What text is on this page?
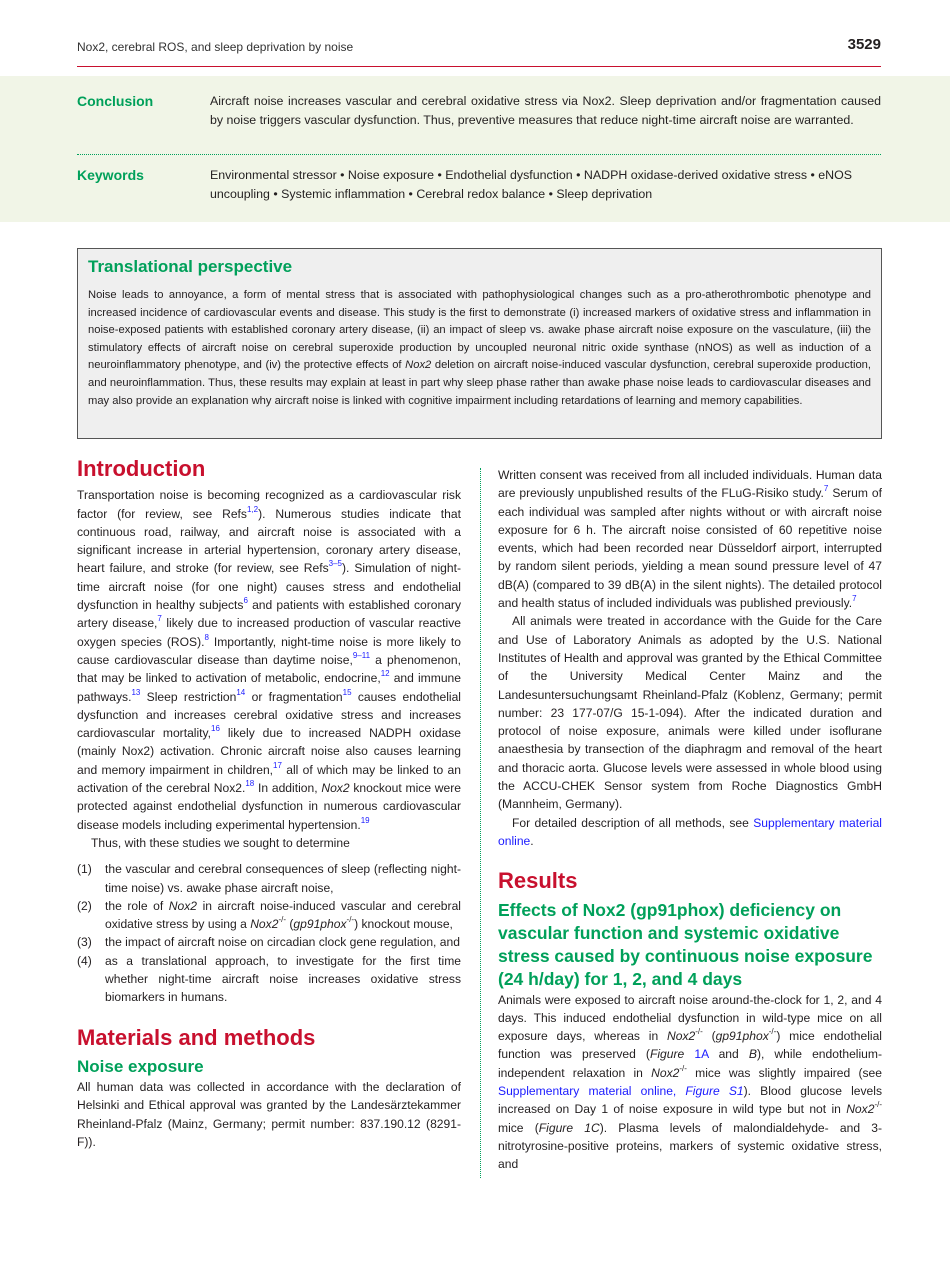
Nox2, cerebral ROS, and sleep deprivation by noise	3529
Conclusion	Aircraft noise increases vascular and cerebral oxidative stress via Nox2. Sleep deprivation and/or fragmentation caused by noise triggers vascular dysfunction. Thus, preventive measures that reduce night-time aircraft noise are warranted.
Keywords	Environmental stressor • Noise exposure • Endothelial dysfunction • NADPH oxidase-derived oxidative stress • eNOS uncoupling • Systemic inflammation • Cerebral redox balance • Sleep deprivation
Translational perspective

Noise leads to annoyance, a form of mental stress that is associated with pathophysiological changes such as a pro-atherothrombotic phenotype and increased incidence of cardiovascular events and disease. This study is the first to demonstrate (i) increased markers of oxidative stress and inflammation in noise-exposed patients with established coronary artery disease, (ii) an impact of sleep vs. awake phase aircraft noise exposure on the vasculature, (iii) the stimulatory effects of aircraft noise on cerebral superoxide production by uncoupled neuronal nitric oxide synthase (nNOS) as well as induction of a neuroinflammatory phenotype, and (iv) the protective effects of Nox2 deletion on aircraft noise-induced vascular dysfunction, cerebral superoxide production, and neuroinflammation. Thus, these results may explain at least in part why sleep phase rather than awake phase noise leads to cardiovascular diseases and may also provide an explanation why aircraft noise is linked with cognitive impairment including retardations of learning and memory capabilities.

Introduction

Transportation noise is becoming recognized as a cardiovascular risk factor (for review, see Refs$^{1,2}$). Numerous studies indicate that continuous road, railway, and aircraft noise is associated with a significant increase in arterial hypertension, coronary artery disease, heart failure, and stroke (for review, see Refs$^{3-5}$). Simulation of night-time aircraft noise (for one night) causes stress and endothelial dysfunction in healthy subjects$^6$ and patients with established coronary artery disease,$^7$ likely due to increased production of vascular reactive oxygen species (ROS).$^8$ Importantly, night-time noise is more likely to cause cardiovascular disease than daytime noise,$^{9-11}$ a phenomenon, that may be linked to activation of metabolic, endocrine,$^{12}$ and immune pathways.$^{13}$ Sleep restriction$^{14}$ or fragmentation$^{15}$ causes endothelial dysfunction and increases cerebral oxidative stress and increases cardiovascular mortality,$^{16}$ likely due to increased NADPH oxidase (mainly Nox2) activation. Chronic aircraft noise also causes learning and memory impairment in children,$^{17}$ all of which may be linked to an activation of the cerebral Nox2.18 In addition, Nox2 knockout mice were protected against endothelial dysfunction in numerous cardiovascular disease models including experimental hypertension.$^{19}$

Thus, with these studies we sought to determine

(1) the vascular and cerebral consequences of sleep (reflecting night-time noise) vs. awake phase aircraft noise,
(2) the role of Nox2 in aircraft noise-induced vascular and cerebral oxidative stress by using a Nox2-/- (gp91phox-/-) knockout mouse,
(3) the impact of aircraft noise on circadian clock gene regulation, and
(4) as a translational approach, to investigate for the first time whether night-time aircraft noise increases oxidative stress biomarkers in humans.
Materials and methods
Noise exposure

All human data was collected in accordance with the declaration of Helsinki and Ethical approval was granted by the Landesärztekammer Rheinland-Pfalz (Mainz, Germany; permit number: 837.190.12 (8291-F)).

Written consent was received from all included individuals. Human data are previously unpublished results of the FLuG-Risiko study.$^7$ Serum of each individual was sampled after nights without or with aircraft noise exposure for 6 h. The aircraft noise consisted of 60 repetitive noise events, which had been recorded near Düsseldorf airport, interrupted by random silent periods, yielding a mean sound pressure level of 47 dB(A) (compared to 39 dB(A) in the silent nights). The detailed protocol and health status of included individuals was published previously.$^7$

All animals were treated in accordance with the Guide for the Care and Use of Laboratory Animals as adopted by the U.S. National Institutes of Health and approval was granted by the Ethical Committee of the University Medical Center Mainz and the Landesuntersuchungsamt Rheinland-Pfalz (Koblenz, Germany; permit number: 23 177-07/G 15-1-094). After the indicated duration and protocol of noise exposure, animals were killed under isoflurane anaesthesia by transection of the diaphragm and removal of the heart and thoracic aorta. Glucose levels were assessed in whole blood using the ACCU-CHEK Sensor system from Roche Diagnostics GmbH (Mannheim, Germany).

For detailed description of all methods, see Supplementary material online.

Results
Effects of Nox2 (gp91phox) deficiency on vascular function and systemic oxidative stress caused by continuous noise exposure (24 h/day) for 1, 2, and 4 days

Animals were exposed to aircraft noise around-the-clock for 1, 2, and 4 days. This induced endothelial dysfunction in wild-type mice on all exposure days, whereas in Nox2-/- (gp91phox-/-) mice endothelial function was preserved (Figure 1A and B), while endothelium-independent relaxation in Nox2-/- mice was slightly impaired (see Supplementary material online, Figure S1). Blood glucose levels increased on Day 1 of noise exposure in wild type but not in Nox2-/- mice (Figure 1C). Plasma levels of malondialdehyde- and 3-nitrotyrosine-positive proteins, markers of systemic oxidative stress, and
